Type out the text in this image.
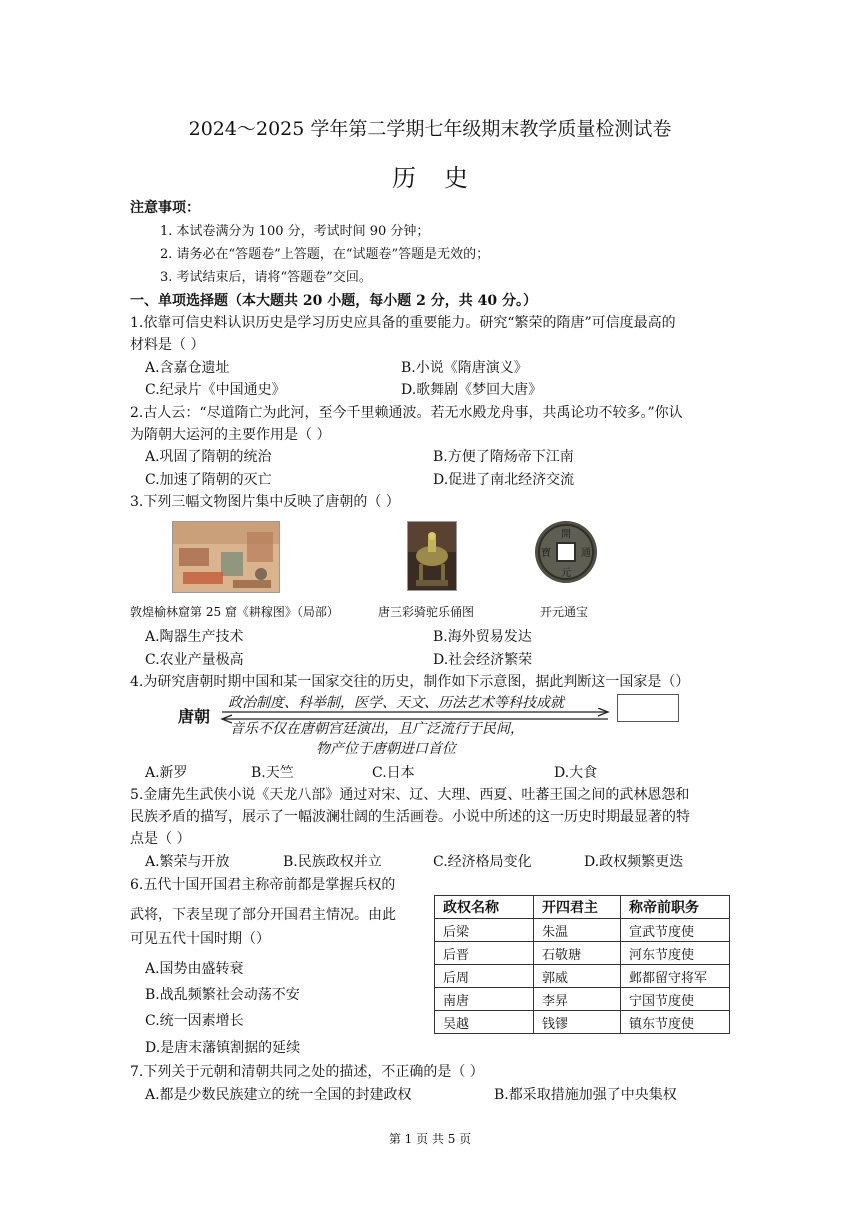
2024～2025 学年第二学期七年级期末教学质量检测试卷
历史
注意事项：
1. 本试卷满分为 100 分，考试时间 90 分钟；
2. 请务必在“答题卷”上答题，在“试题卷”答题是无效的；
3. 考试结束后，请将“答题卷”交回。
一、单项选择题（本大题共 20 小题，每小题 2 分，共 40 分。）
1.依靠可信史料认识历史是学习历史应具备的重要能力。研究“繁荣的隋唐”可信度最高的
材料是（ ）
A.含嘉仓遗址	B.小说《隋唐演义》
C.纪录片《中国通史》	D.歌舞剧《梦回大唐》
2.古人云：“尽道隋亡为此河，至今千里赖通波。若无水殿龙舟事，共禹论功不较多。”你认
为隋朝大运河的主要作用是（ ）
A.巩固了隋朝的统治	B.方便了隋炀帝下江南
C.加速了隋朝的灭亡	D.促进了南北经济交流
3.下列三幅文物图片集中反映了唐朝的（ ）
開
元
寶	通
敦煌榆林窟第 25 窟《耕稼图》（局部）	唐三彩骑驼乐俑图	开元通宝
A.陶器生产技术	B.海外贸易发达
C.农业产量极高	D.社会经济繁荣
4.为研究唐朝时期中国和某一国家交往的历史，制作如下示意图，据此判断这一国家是（）
唐朝
政治制度、科举制，医学、天文、历法艺术等科技成就
音乐不仅在唐朝宫廷演出，且广泛流行于民间，
物产位于唐朝进口首位
A.新罗	B.天竺	C.日本	D.大食
5.金庸先生武侠小说《天龙八部》通过对宋、辽、大理、西夏、吐蕃王国之间的武林恩怨和
民族矛盾的描写，展示了一幅波澜壮阔的生活画卷。小说中所述的这一历史时期最显著的特
点是（ ）
A.繁荣与开放	B.民族政权并立	C.经济格局变化	D.政权频繁更迭
6.五代十国开国君主称帝前都是掌握兵权的
武将，下表呈现了部分开国君主情况。由此
可见五代十国时期（）
A.国势由盛转衰
B.战乱频繁社会动荡不安
C.统一因素增长
D.是唐末藩镇割据的延续
政权名称	开四君主	称帝前职务
后梁	朱温	宣武节度使
后晋	石敬瑭	河东节度使
后周	郭威	邺都留守将军
南唐	李昇	宁国节度使
吴越	钱镠	镇东节度使
7.下列关于元朝和清朝共同之处的描述，不正确的是（ ）
A.都是少数民族建立的统一全国的封建政权	B.都采取措施加强了中央集权
第 1 页 共 5 页
